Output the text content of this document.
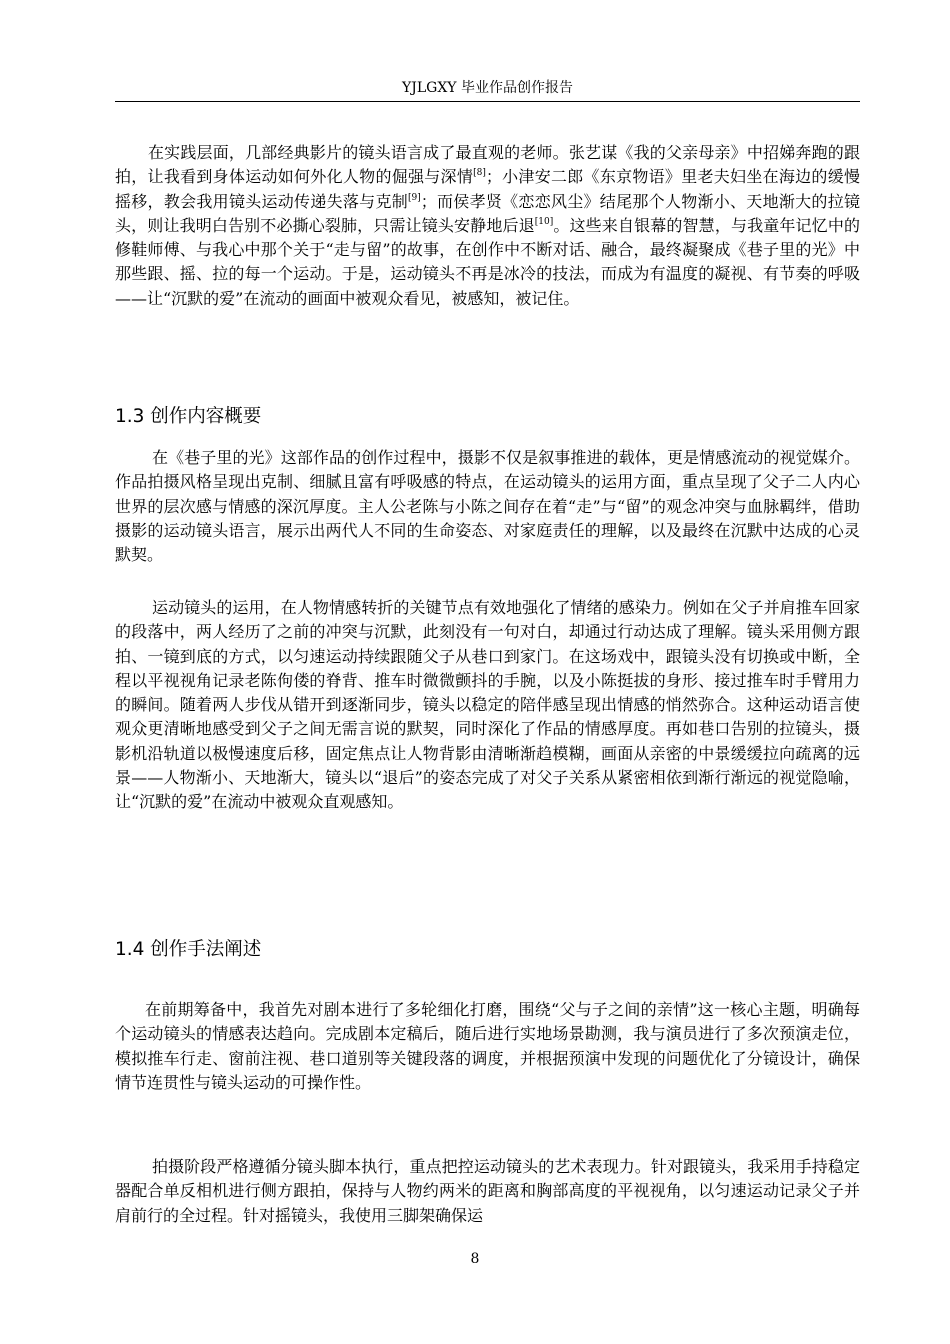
YJLGXY 毕业作品创作报告

在实践层面，几部经典影片的镜头语言成了最直观的老师。张艺谋《我的父亲母亲》中招娣奔跑的跟拍，让我看到身体运动如何外化人物的倔强与深情[8]；小津安二郎《东京物语》里老夫妇坐在海边的缓慢摇移，教会我用镜头运动传递失落与克制[9]；而侯孝贤《恋恋风尘》结尾那个人物渐小、天地渐大的拉镜头，则让我明白告别不必撕心裂肺，只需让镜头安静地后退[10]。这些来自银幕的智慧，与我童年记忆中的修鞋师傅、与我心中那个关于“走与留”的故事，在创作中不断对话、融合，最终凝聚成《巷子里的光》中那些跟、摇、拉的每一个运动。于是，运动镜头不再是冰冷的技法，而成为有温度的凝视、有节奏的呼吸——让“沉默的爱”在流动的画面中被观众看见，被感知，被记住。

1.3 创作内容概要

在《巷子里的光》这部作品的创作过程中，摄影不仅是叙事推进的载体，更是情感流动的视觉媒介。作品拍摄风格呈现出克制、细腻且富有呼吸感的特点，在运动镜头的运用方面，重点呈现了父子二人内心世界的层次感与情感的深沉厚度。主人公老陈与小陈之间存在着“走”与“留”的观念冲突与血脉羁绊，借助摄影的运动镜头语言，展示出两代人不同的生命姿态、对家庭责任的理解，以及最终在沉默中达成的心灵默契。

运动镜头的运用，在人物情感转折的关键节点有效地强化了情绪的感染力。例如在父子并肩推车回家的段落中，两人经历了之前的冲突与沉默，此刻没有一句对白，却通过行动达成了理解。镜头采用侧方跟拍、一镜到底的方式，以匀速运动持续跟随父子从巷口到家门。在这场戏中，跟镜头没有切换或中断，全程以平视视角记录老陈佝偻的脊背、推车时微微颤抖的手腕，以及小陈挺拔的身形、接过推车时手臂用力的瞬间。随着两人步伐从错开到逐渐同步，镜头以稳定的陪伴感呈现出情感的悄然弥合。这种运动语言使观众更清晰地感受到父子之间无需言说的默契，同时深化了作品的情感厚度。再如巷口告别的拉镜头，摄影机沿轨道以极慢速度后移，固定焦点让人物背影由清晰渐趋模糊，画面从亲密的中景缓缓拉向疏离的远景——人物渐小、天地渐大，镜头以“退后”的姿态完成了对父子关系从紧密相依到渐行渐远的视觉隐喻，让“沉默的爱”在流动中被观众直观感知。

1.4 创作手法阐述

在前期筹备中，我首先对剧本进行了多轮细化打磨，围绕“父与子之间的亲情”这一核心主题，明确每个运动镜头的情感表达趋向。完成剧本定稿后，随后进行实地场景勘测，我与演员进行了多次预演走位，模拟推车行走、窗前注视、巷口道别等关键段落的调度，并根据预演中发现的问题优化了分镜设计，确保情节连贯性与镜头运动的可操作性。

拍摄阶段严格遵循分镜头脚本执行，重点把控运动镜头的艺术表现力。针对跟镜头，我采用手持稳定器配合单反相机进行侧方跟拍，保持与人物约两米的距离和胸部高度的平视视角，以匀速运动记录父子并肩前行的全过程。针对摇镜头，我使用三脚架确保运

8
